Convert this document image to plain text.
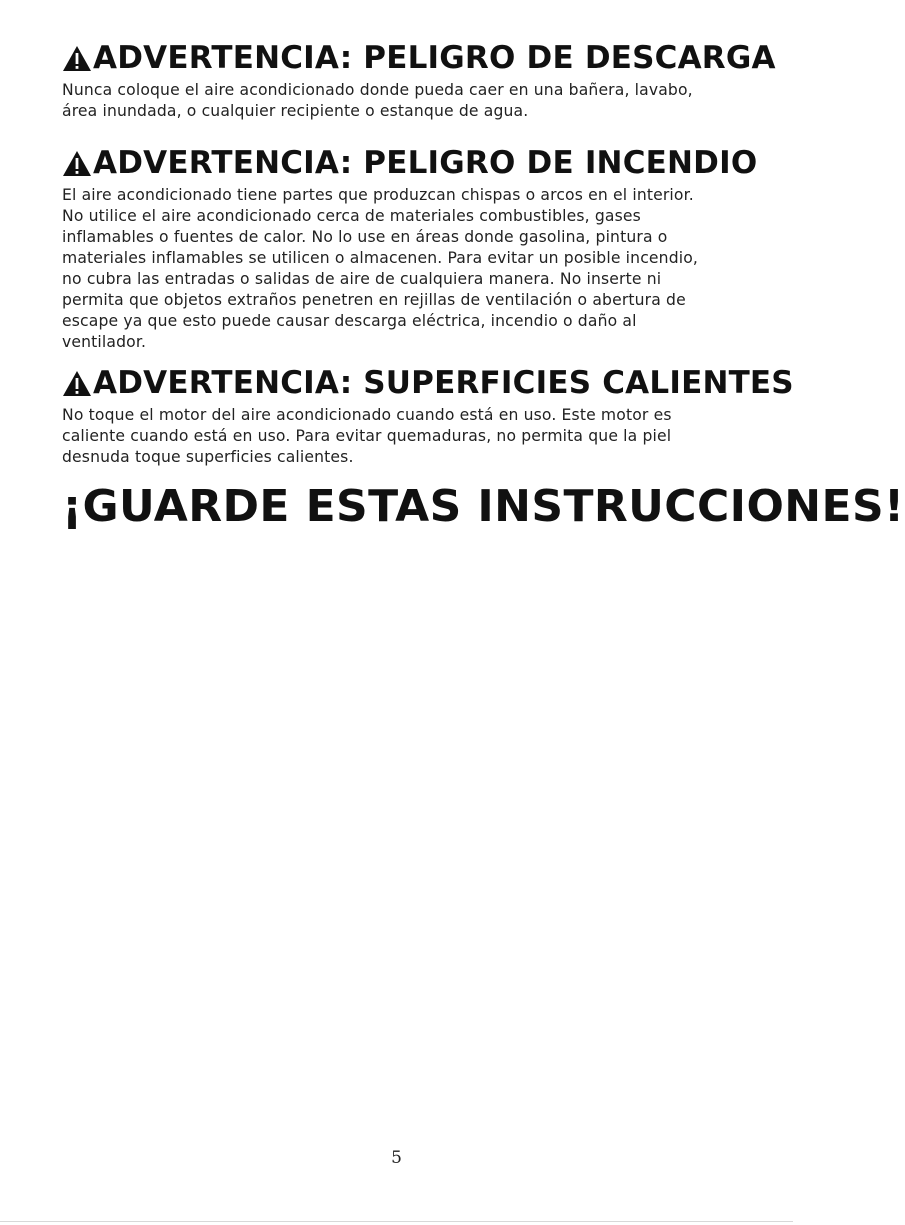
ADVERTENCIA: PELIGRO DE DESCARGA
Nunca coloque el aire acondicionado donde pueda caer en una bañera, lavabo,
área inundada, o cualquier recipiente o estanque de agua.
ADVERTENCIA: PELIGRO DE INCENDIO
El aire acondicionado tiene partes que produzcan chispas o arcos en el interior.
No utilice el aire acondicionado cerca de materiales combustibles, gases
inflamables o fuentes de calor. No lo use en áreas donde gasolina, pintura o
materiales inflamables se utilicen o almacenen. Para evitar un posible incendio,
no cubra las entradas o salidas de aire de cualquiera manera. No inserte ni
permita que objetos extraños penetren en rejillas de ventilación o abertura de
escape ya que esto puede causar descarga eléctrica, incendio o daño al
ventilador.
ADVERTENCIA: SUPERFICIES CALIENTES
No toque el motor del aire acondicionado cuando está en uso. Este motor es
caliente cuando está en uso. Para evitar quemaduras, no permita que la piel
desnuda toque superficies calientes.
¡GUARDE ESTAS INSTRUCCIONES!
5
